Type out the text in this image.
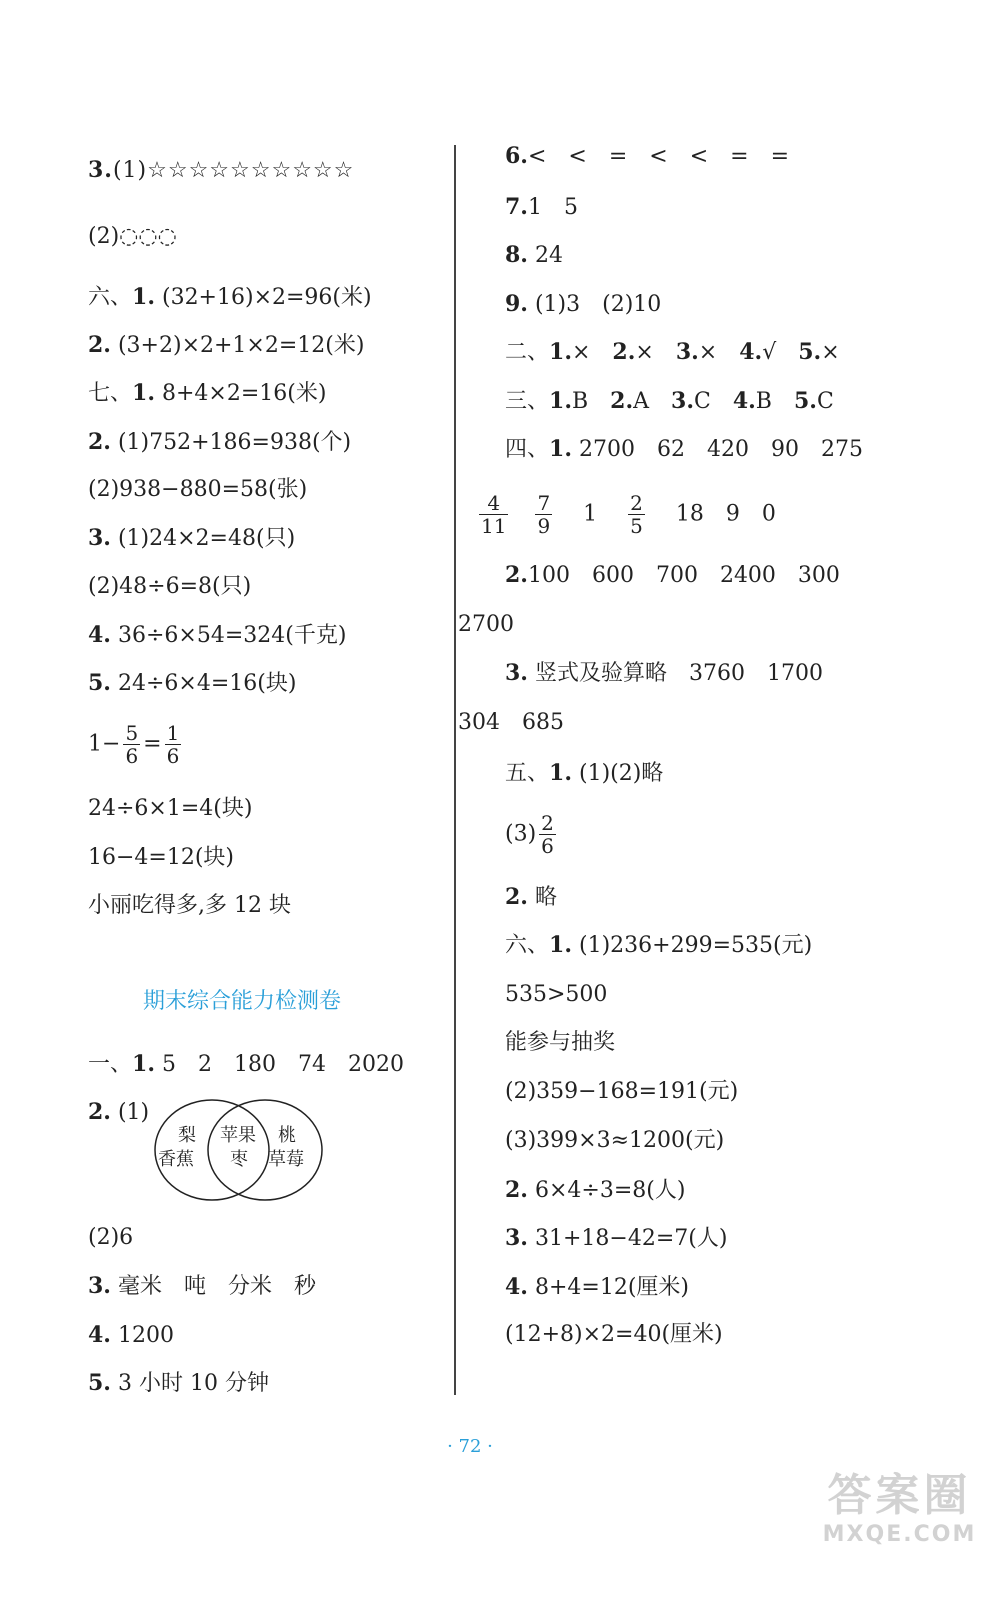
3.(1)☆☆☆☆☆☆☆☆☆☆
(2)◌◌◌
六、1. (32+16)×2=96(米)
2. (3+2)×2+1×2=12(米)
七、1. 8+4×2=16(米)
2. (1)752+186=938(个)
(2)938−880=58(张)
3. (1)24×2=48(只)
(2)48÷6=8(只)
4. 36÷6×54=324(千克)
5. 24÷6×4=16(块)
$1- \frac{5}{6} = \frac{1}{6}$
24÷6×1=4(块)
16−4=12(块)
小丽吃得多,多 12 块
期末综合能力检测卷
一、1. 5　2　180　74　2020
2. (1)
梨
香蕉
苹果
枣
桃
草莓
(2)6
3. 毫米　吨　分米　秒
4. 1200
5. 3 小时 10 分钟
6.<　<　=　<　<　=　=
7.1　5
8. 24
9. (1)3　(2)10
二、1.×　2.×　3.×　4.√　5.×
三、1.B　2.A　3.C　4.B　5.C
四、1. 2700　62　420　90　275
$\frac{4}{11}$
$\frac{7}{9} 1 \frac{2}{5} 18$　9　0
2.100　600　700　2400　300
2700
3. 竖式及验算略　3760　1700
304　685
五、1. (1)(2)略
$(3) \frac{2}{6}$
2. 略
六、1. (1)236+299=535(元)
535>500
能参与抽奖
(2)359−168=191(元)
(3)399×3≈1200(元)
2. 6×4÷3=8(人)
3. 31+18−42=7(人)
4. 8+4=12(厘米)
(12+8)×2=40(厘米)
· 72 ·
答案圈
MXQE.COM
